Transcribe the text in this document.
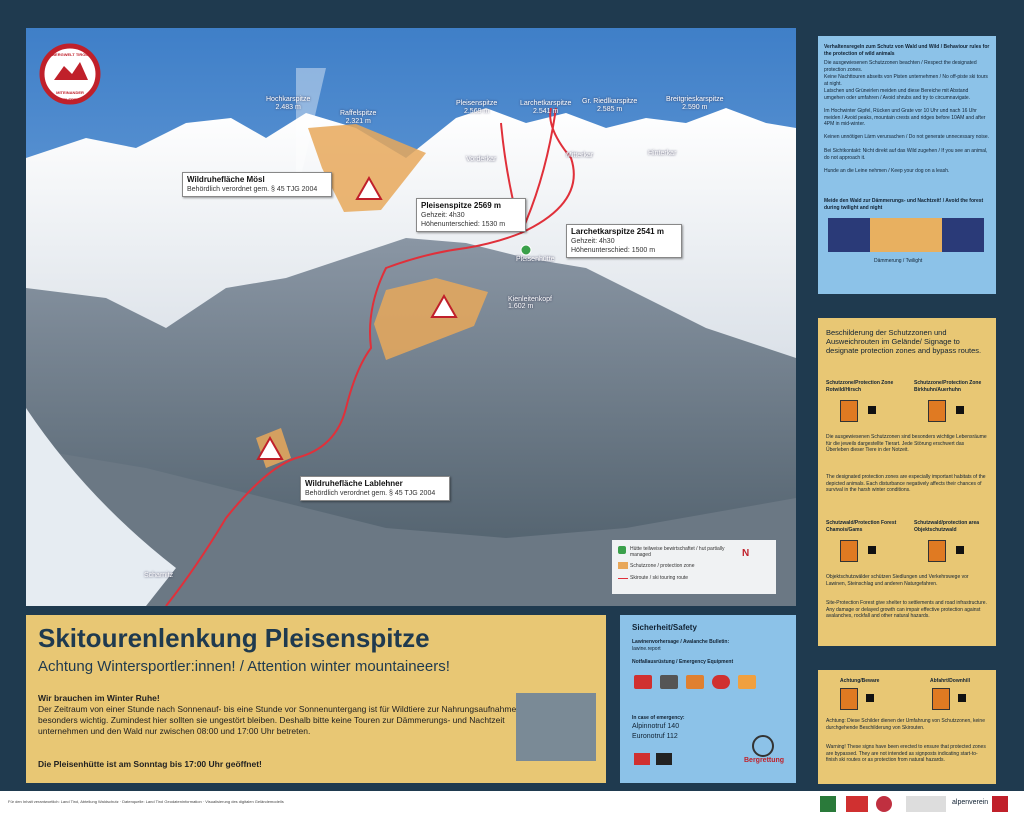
BERGWELT TIROL
MITEINANDER ERLEBEN	Hochkarspitze
2.483 m
Raffelspitze
2.321 m
Pleisenspitze
2.569 m
Larchetkarspitze
2.541 m
Gr. Riedlkarspitze
2.585 m
Breitgrieskarspitze
2.590 m
Vorderkar
Mitterkar	Hinterkar
Pleisenhütte
Kienleitenkopf
1.602 m
Scharnitz
Wildruhefläche Mösl
Behördlich verordnet gem. § 45 TJG 2004
Pleisenspitze 2569 m
Gehzeit: 4h30
Höhenunterschied: 1530 m
Larchetkarspitze 2541 m
Gehzeit: 4h30
Höhenunterschied: 1500 m
Wildruhefläche Lablehner
Behördlich verordnet gem. § 45 TJG 2004
Hütte teilweise bewirtschaftet / hut partially managed
Schutzzone / protection zone
Skiroute / ski touring route
N
Skitourenlenkung Pleisenspitze
Achtung Wintersportler:innen! / Attention winter mountaineers!
Wir brauchen im Winter Ruhe!
Der Zeitraum von einer Stunde nach Sonnenauf- bis eine Stunde vor Sonnenuntergang ist für Wildtiere zur Nahrungsaufnahme besonders wichtig. Zumindest hier sollten sie ungestört bleiben. Deshalb bitte keine Touren zur Dämmerungs- und Nachtzeit unternehmen und den Wald nur zwischen 08:00 und 17:00 Uhr betreten.
Die Pleisenhütte ist am Sonntag bis 17:00 Uhr geöffnet!
Sicherheit/Safety
Lawinenvorhersage / Avalanche Bulletin:
lawine.report
Notfallausrüstung / Emergency Equipment
In case of emergency:
Alpinnotruf 140
Euronotruf 112
Bergrettung
Verhaltensregeln zum Schutz von Wald und Wild / Behaviour rules for the protection of wild animals
Die ausgewiesenen Schutzzonen beachten / Respect the designated protection zones.
Keine Nachttouren abseits von Pisten unternehmen / No off-piste ski tours at night.
Latschen und Grüneirlen meiden und diese Bereiche mit Abstand umgehen oder umfahren / Avoid shrubs and try to circumnavigate.
Im Hochwinter Gipfel, Rücken und Grate vor 10 Uhr und nach 16 Uhr meiden / Avoid peaks, mountain crests and ridges before 10AM and after 4PM in mid-winter.
Keinen unnötigen Lärm verursachen / Do not generate unnecessary noise.
Bei Sichtkontakt: Nicht direkt auf das Wild zugehen / If you see an animal, do not approach it.
Hunde an die Leine nehmen / Keep your dog on a leash.
Meide den Wald zur Dämmerungs- und Nachtzeit! / Avoid the forest during twilight and night
Dämmerung / Twilight
Beschilderung der Schutzzonen und Ausweichrouten im Gelände/ Signage to designate protection zones and bypass routes.
Schutzzone/Protection Zone Rotwild/Hirsch
Schutzzone/Protection Zone Birkhuhn/Auerhuhn
Die ausgewiesenen Schutzzonen sind besonders wichtige Lebensräume für die jeweils dargestellte Tierart. Jede Störung erschwert das Überleben dieser Tiere in der Notzeit.
The designated protection zones are especially important habitats of the depicted animals. Each disturbance negatively affects their chances of survival in the harsh winter conditions.
Schutzwald/Protection Forest Chamois/Gams
Schutzwald/protection area Objektschutzwald
Objektschutzwälder schützen Siedlungen und Verkehrswege vor Lawinen, Steinschlag und anderen Naturgefahren.
Site-Protection Forest give shelter to settlements and road infrastructure. Any damage or delayed growth can impair effective protection against avalanches, rockfall and other natural hazards.
Achtung/Beware	Abfahrt/Downhill
Achtung: Diese Schilder dienen der Umfahrung von Schutzzonen, keine durchgehende Beschilderung von Skirouten.
Warning! These signs have been erected to ensure that protected zones are bypassed. They are not intended as signposts indicating start-to-finish ski routes or as protection from natural hazards.
Für den Inhalt verantwortlich: Land Tirol, Abteilung Waldschutz · Datenquelle: Land Tirol Geodateninformation · Visualisierung des digitalen Geländemodells	alpenverein
